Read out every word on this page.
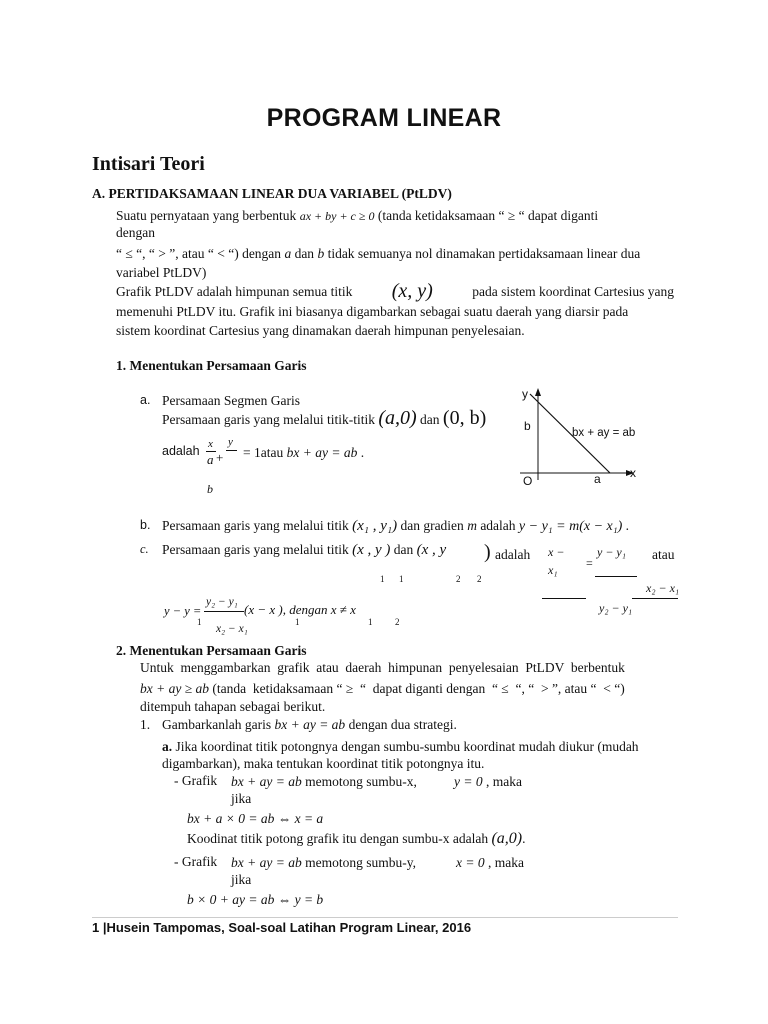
PROGRAM LINEAR
Intisari Teori
A. PERTIDAKSAMAAN LINEAR DUA VARIABEL (PtLDV)
Suatu pernyataan yang berbentuk ax + by + c ≥ 0 (tanda ketidaksamaan “ ≥ “ dapat diganti
dengan
“ ≤ “, “ > ”, atau “ < “) dengan a dan b tidak semuanya nol dinamakan pertidaksamaan linear dua
variabel PtLDV)
Grafik PtLDV adalah himpunan semua titik (x, y)	pada sistem koordinat Cartesius yang
memenuhi PtLDV itu. Grafik ini biasanya digambarkan sebagai suatu daerah yang diarsir pada
sistem koordinat Cartesius yang dinamakan daerah himpunan penyelesaian.
1. Menentukan Persamaan Garis
a. Persamaan Segmen Garis
Persamaan garis yang melalui titik-titik (a,0) dan (0, b)
adalah x
a +
y
= 1atau bx + ay = ab .
b
y
b	bx + ay = ab
x
O	a
b. Persamaan garis yang melalui titik (x₁ , y₁) dan gradien m adalah y − y₁ = m(x − x₁) .
c. Persamaan garis yang melalui titik (x , y ) dan (x , y ) adalah
1 1	2 2
x −
x₁ =
y − y₁ atau
x₂ − x₁
y₂ − y₁
y − y =
y₂ − y₁
x₂ − x₁
(x − x ), dengan x ≠ x
1	1	1	2
2. Menentukan Persamaan Garis
Untuk  menggambarkan  grafik  atau  daerah  himpunan  penyelesaian  PtLDV  berbentuk
bx + ay ≥ ab (tanda  ketidaksamaan “ ≥  “  dapat diganti dengan  “ ≤  “, “  > ”, atau “  < “)
ditempuh tahapan sebagai berikut.
1. Gambarkanlah garis bx + ay = ab dengan dua strategi.
a. Jika koordinat titik potongnya dengan sumbu-sumbu koordinat mudah diukur (mudah
digambarkan), maka tentukan koordinat titik potongnya itu.
- Grafik bx + ay = ab memotong sumbu-x,
jika
y = 0 , maka
bx + a × 0 = ab ⇔ x = a
Koodinat titik potong grafik itu dengan sumbu-x adalah (a,0).
- Grafik bx + ay = ab memotong sumbu-y,
jika
x = 0 , maka
b × 0 + ay = ab ⇔ y = b
1 |Husein Tampomas, Soal-soal Latihan Program Linear, 2016
